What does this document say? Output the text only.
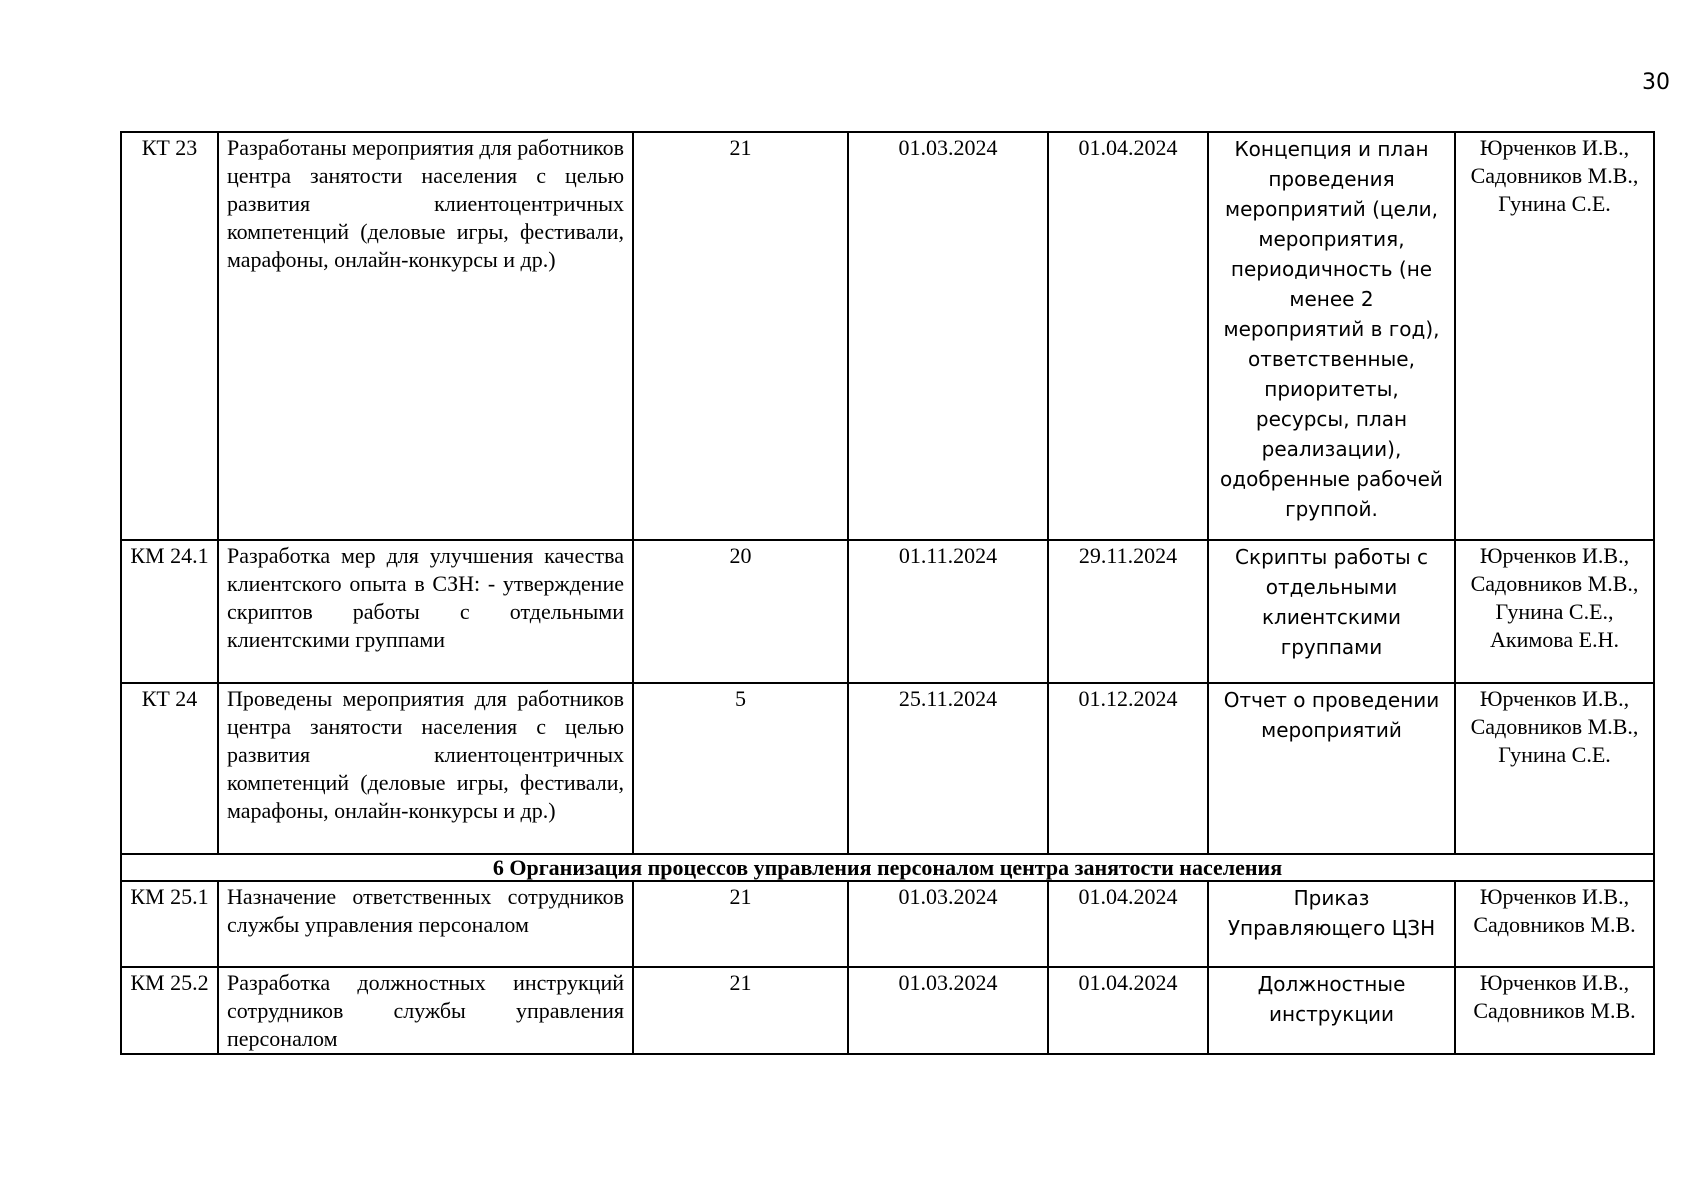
30
КТ 23	Разработаны мероприятия для работников центра занятости населения с целью развития клиентоцентричных компетенций (деловые игры, фестивали, марафоны, онлайн-конкурсы и др.)	21	01.03.2024	01.04.2024	Концепция и план проведения мероприятий (цели, мероприятия, периодичность (не менее 2 мероприятий в год), ответственные, приоритеты, ресурсы, план реализации), одобренные рабочей группой.	Юрченков И.В., Садовников М.В., Гунина С.Е.
КМ 24.1	Разработка мер для улучшения качества клиентского опыта в СЗН: - утверждение скриптов работы с отдельными клиентскими группами	20	01.11.2024	29.11.2024	Скрипты работы с отдельными клиентскими группами	Юрченков И.В., Садовников М.В., Гунина С.Е., Акимова Е.Н.
КТ 24	Проведены мероприятия для работников центра занятости населения с целью развития клиентоцентричных компетенций (деловые игры, фестивали, марафоны, онлайн-конкурсы и др.)	5	25.11.2024	01.12.2024	Отчет о проведении мероприятий	Юрченков И.В., Садовников М.В., Гунина С.Е.
6 Организация процессов управления персоналом центра занятости населения						
КМ 25.1	Назначение ответственных сотрудников службы управления персоналом	21	01.03.2024	01.04.2024	Приказ Управляющего ЦЗН	Юрченков И.В., Садовников М.В.
КМ 25.2	Разработка должностных инструкций сотрудников службы управления персоналом	21	01.03.2024	01.04.2024	Должностные инструкции	Юрченков И.В., Садовников М.В.
